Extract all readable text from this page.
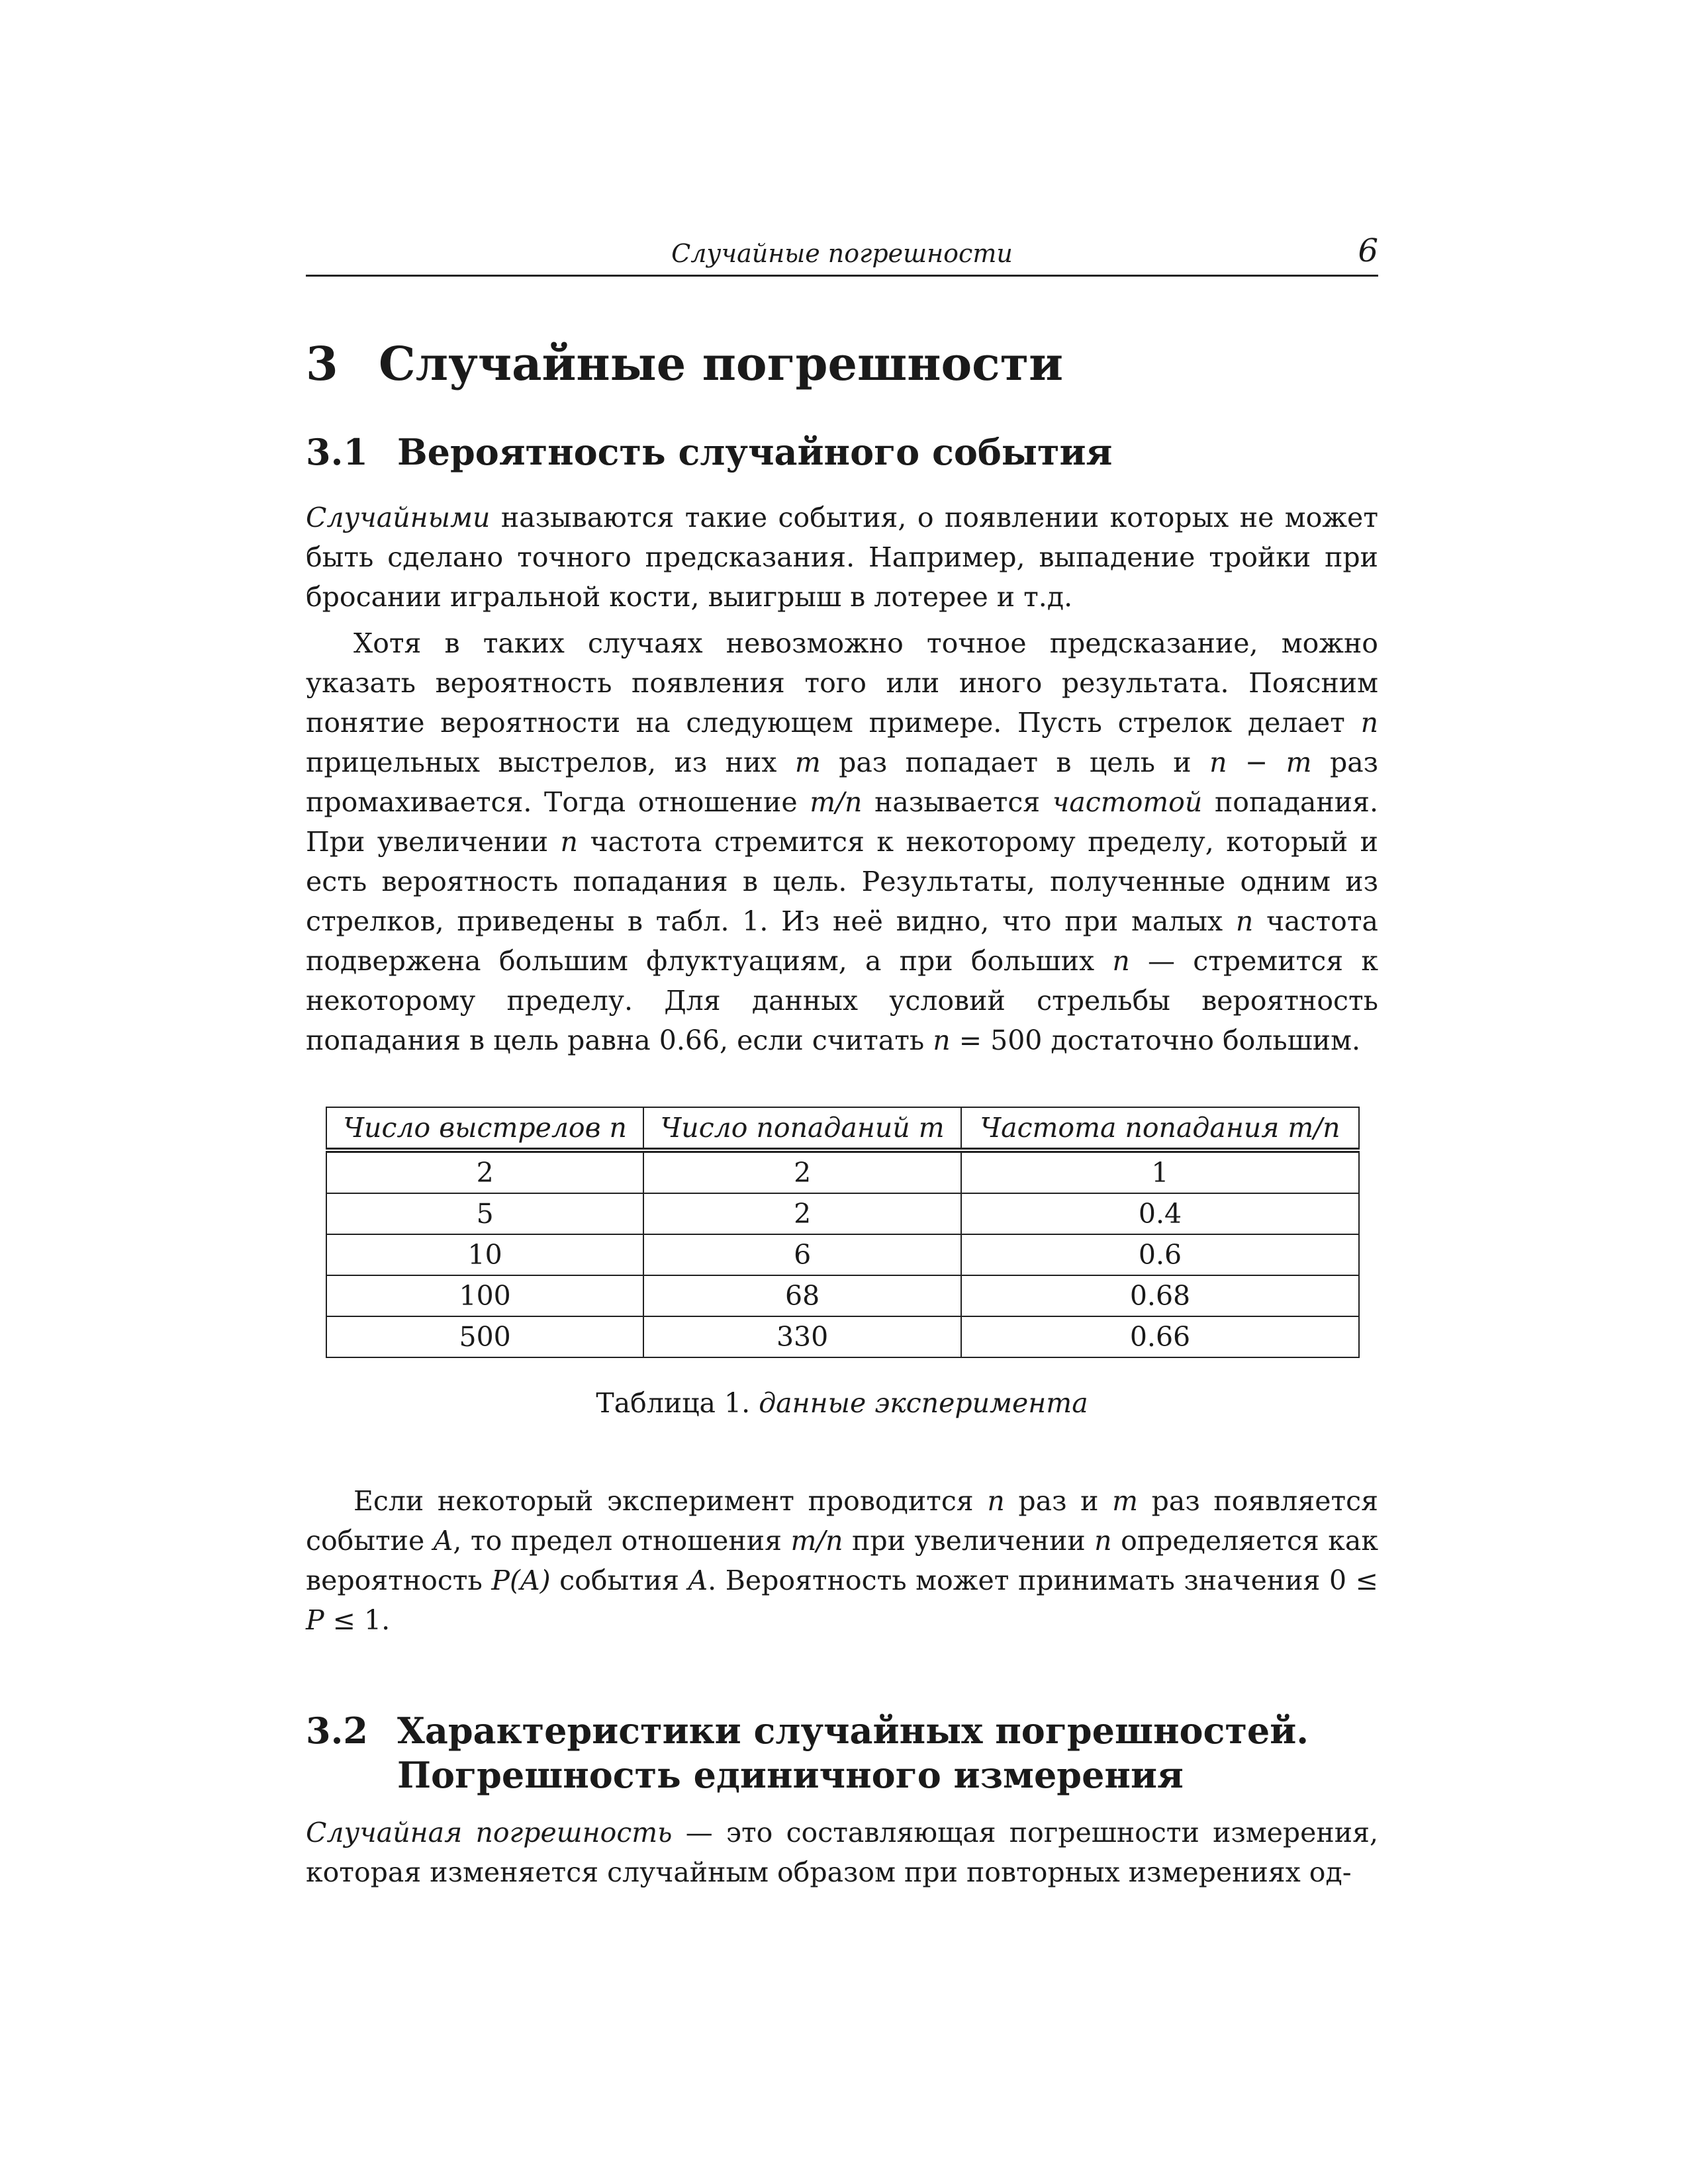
Случайные погрешности	6
3 Случайные погрешности
3.1 Вероятность случайного события

Случайными называются такие события, о появлении которых не может быть сделано точного предсказания. Например, выпадение тройки при бросании игральной кости, выигрыш в лотерее и т.д.

Хотя в таких случаях невозможно точное предсказание, можно указать вероятность появления того или иного результата. Поясним понятие вероятности на следующем примере. Пусть стрелок делает n прицельных выстрелов, из них m раз попадает в цель и n − m раз промахивается. Тогда отношение m/n называется частотой попадания. При увеличении n частота стремится к некоторому пределу, который и есть вероятность попадания в цель. Результаты, полученные одним из стрелков, приведены в табл. 1. Из неё видно, что при малых n частота подвержена большим флуктуациям, а при больших n — стремится к некоторому пределу. Для данных условий стрельбы вероятность попадания в цель равна 0.66, если считать n = 500 достаточно большим.

Число выстрелов n	Число попаданий m	Частота попадания m/n
2	2	1
5	2	0.4
10	6	0.6
100	68	0.68
500	330	0.66
Таблица 1. данные эксперимента

Если некоторый эксперимент проводится n раз и m раз появляется событие A, то предел отношения m/n при увеличении n определяется как вероятность P(A) события A. Вероятность может принимать значения 0 ≤ P ≤ 1.

3.2 Характеристики случайных погрешностей.
Погрешность единичного измерения

Случайная погрешность — это составляющая погрешности измерения, которая изменяется случайным образом при повторных измерениях од-
